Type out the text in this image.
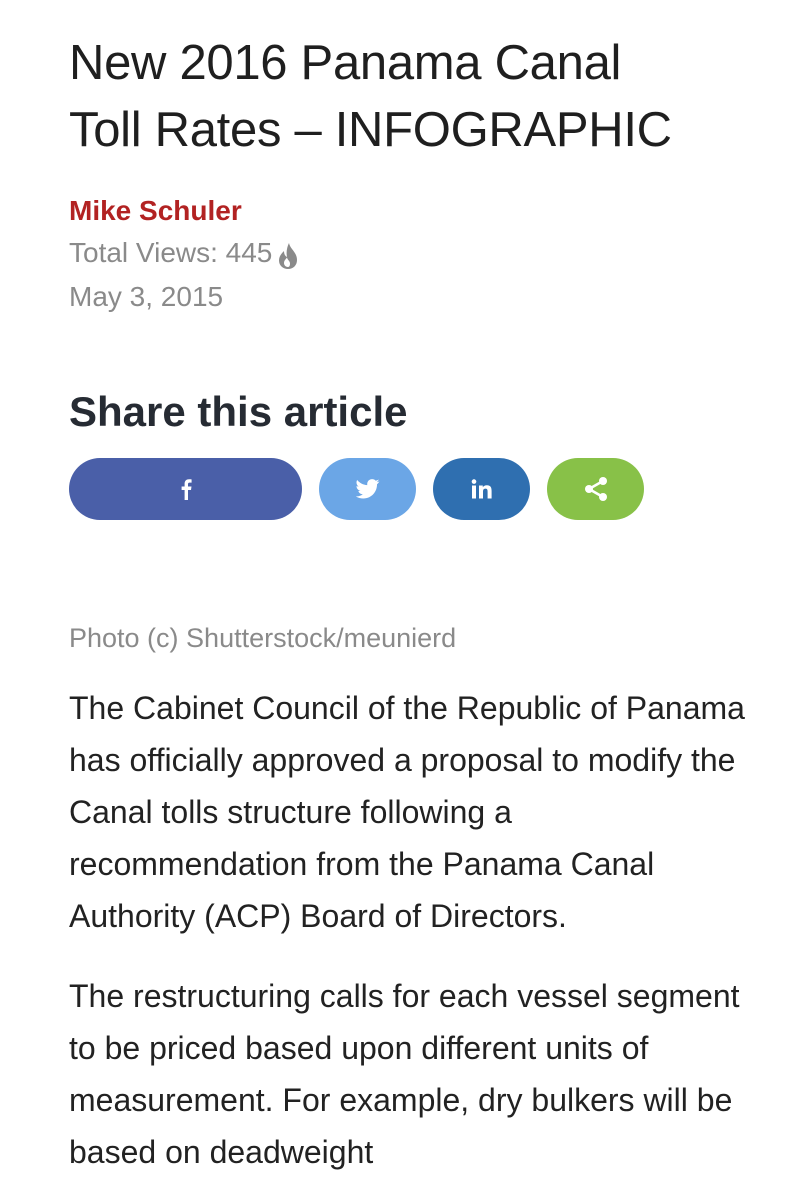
New 2016 Panama Canal
Toll Rates – INFOGRAPHIC
Mike Schuler
Total Views: 445
May 3, 2015
Share this article
Photo (c) Shutterstock/meunierd

The Cabinet Council of the Republic of Panama has officially approved a proposal to modify the Canal tolls structure following a recommendation from the Panama Canal Authority (ACP) Board of Directors.

The restructuring calls for each vessel segment to be priced based upon different units of measurement. For example, dry bulkers will be based on deadweight
